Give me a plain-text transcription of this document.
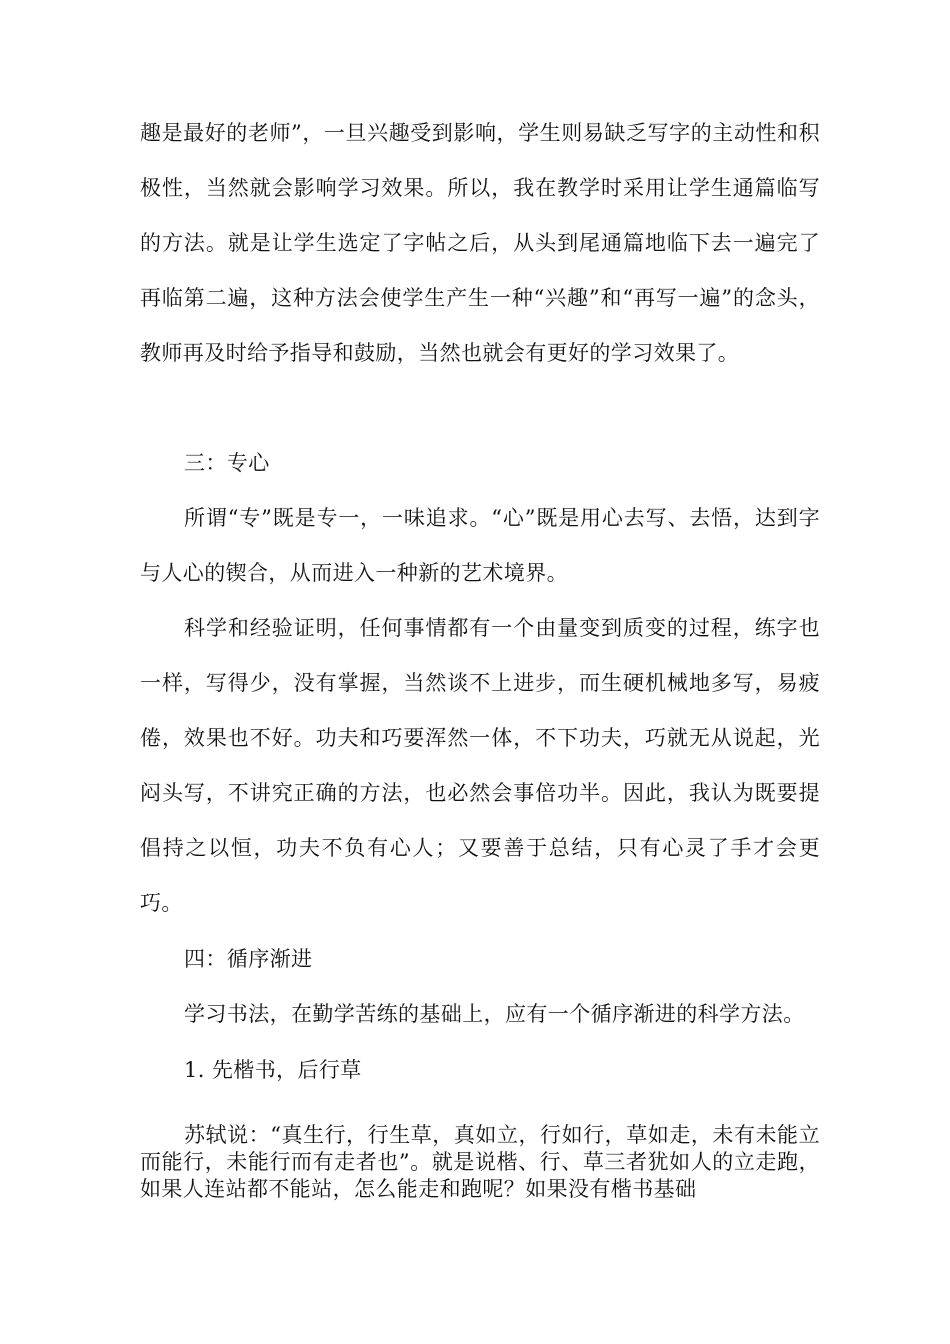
趣是最好的老师”，一旦兴趣受到影响，学生则易缺乏写字的主动性和积极性，当然就会影响学习效果。所以，我在教学时采用让学生通篇临写的方法。就是让学生选定了字帖之后，从头到尾通篇地临下去一遍完了再临第二遍，这种方法会使学生产生一种“兴趣”和“再写一遍”的念头，教师再及时给予指导和鼓励，当然也就会有更好的学习效果了。

三：专心

所谓“专”既是专一，一味追求。“心”既是用心去写、去悟，达到字与人心的锲合，从而进入一种新的艺术境界。

科学和经验证明，任何事情都有一个由量变到质变的过程，练字也一样，写得少，没有掌握，当然谈不上进步，而生硬机械地多写，易疲倦，效果也不好。功夫和巧要浑然一体，不下功夫，巧就无从说起，光闷头写，不讲究正确的方法，也必然会事倍功半。因此，我认为既要提倡持之以恒，功夫不负有心人；又要善于总结，只有心灵了手才会更巧。

四：循序渐进

学习书法，在勤学苦练的基础上，应有一个循序渐进的科学方法。

1. 先楷书，后行草

苏轼说：“真生行，行生草，真如立，行如行，草如走，未有未能立而能行，未能行而有走者也”。就是说楷、行、草三者犹如人的立走跑，如果人连站都不能站，怎么能走和跑呢？如果没有楷书基础
